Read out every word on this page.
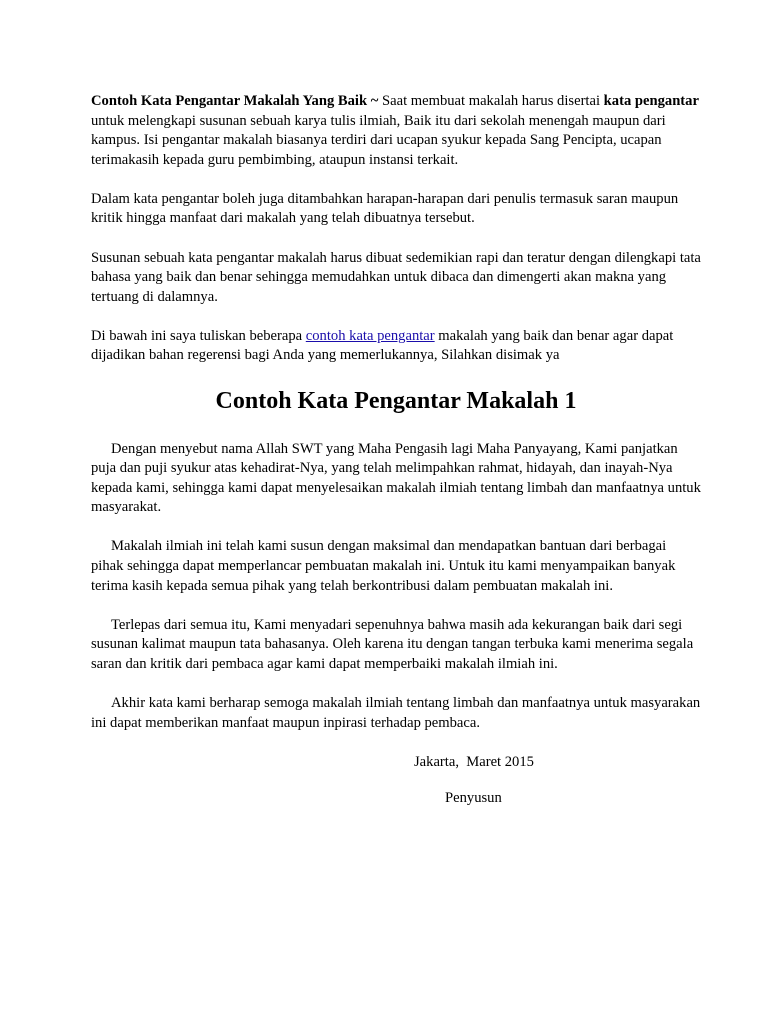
Contoh Kata Pengantar Makalah Yang Baik ~ Saat membuat makalah harus disertai kata pengantar untuk melengkapi susunan sebuah karya tulis ilmiah, Baik itu dari sekolah menengah maupun dari kampus. Isi pengantar makalah biasanya terdiri dari ucapan syukur kepada Sang Pencipta, ucapan terimakasih kepada guru pembimbing, ataupun instansi terkait.

Dalam kata pengantar boleh juga ditambahkan harapan-harapan dari penulis termasuk saran maupun kritik hingga manfaat dari makalah yang telah dibuatnya tersebut.

Susunan sebuah kata pengantar makalah harus dibuat sedemikian rapi dan teratur dengan dilengkapi tata bahasa yang baik dan benar sehingga memudahkan untuk dibaca dan dimengerti akan makna yang tertuang di dalamnya.

Di bawah ini saya tuliskan beberapa contoh kata pengantar makalah yang baik dan benar agar dapat dijadikan bahan regerensi bagi Anda yang memerlukannya, Silahkan disimak ya

Contoh Kata Pengantar Makalah 1

Dengan menyebut nama Allah SWT yang Maha Pengasih lagi Maha Panyayang, Kami panjatkan puja dan puji syukur atas kehadirat-Nya, yang telah melimpahkan rahmat, hidayah, dan inayah-Nya kepada kami, sehingga kami dapat menyelesaikan makalah ilmiah tentang limbah dan manfaatnya untuk masyarakat.

Makalah ilmiah ini telah kami susun dengan maksimal dan mendapatkan bantuan dari berbagai pihak sehingga dapat memperlancar pembuatan makalah ini. Untuk itu kami menyampaikan banyak terima kasih kepada semua pihak yang telah berkontribusi dalam pembuatan makalah ini.

Terlepas dari semua itu, Kami menyadari sepenuhnya bahwa masih ada kekurangan baik dari segi susunan kalimat maupun tata bahasanya. Oleh karena itu dengan tangan terbuka kami menerima segala saran dan kritik dari pembaca agar kami dapat memperbaiki makalah ilmiah ini.

Akhir kata kami berharap semoga makalah ilmiah tentang limbah dan manfaatnya untuk masyarakan ini dapat memberikan manfaat maupun inpirasi terhadap pembaca.

Jakarta,  Maret 2015
Penyusun
